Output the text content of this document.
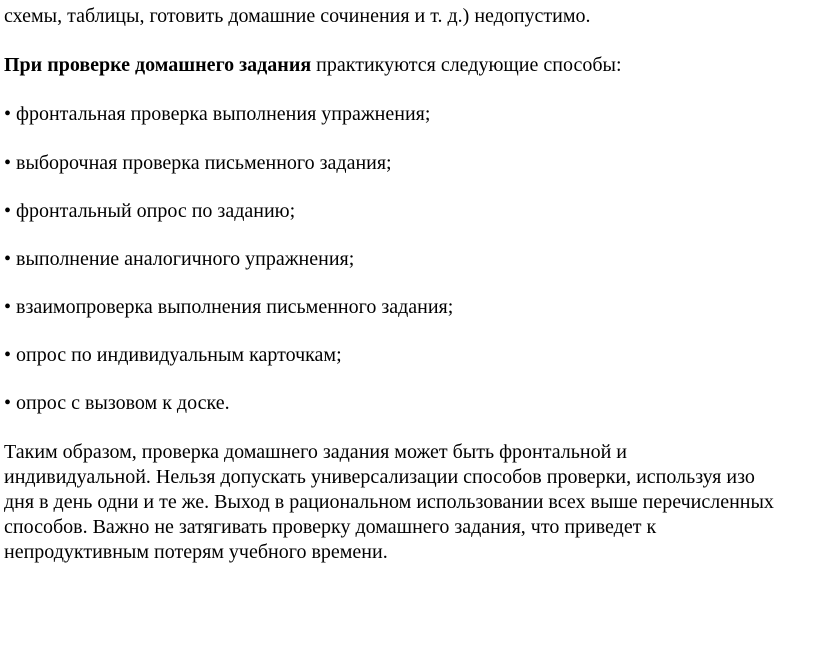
схемы, таблицы, готовить домашние сочинения и т. д.) недопустимо.
При проверке домашнего задания практикуются следующие способы:
• фронтальная проверка выполнения упражнения;
• выборочная проверка письменного задания;
• фронтальный опрос по заданию;
• выполнение аналогичного упражнения;
• взаимопроверка выполнения письменного задания;
• опрос по индивидуальным карточкам;
• опрос с вызовом к доске.
Таким образом, проверка домашнего задания может быть фронтальной и
индивидуальной. Нельзя допускать универсализации способов проверки, используя изо
дня в день одни и те же. Выход в рациональном использовании всех выше перечисленных
способов. Важно не затягивать проверку домашнего задания, что приведет к
непродуктивным потерям учебного времени.
